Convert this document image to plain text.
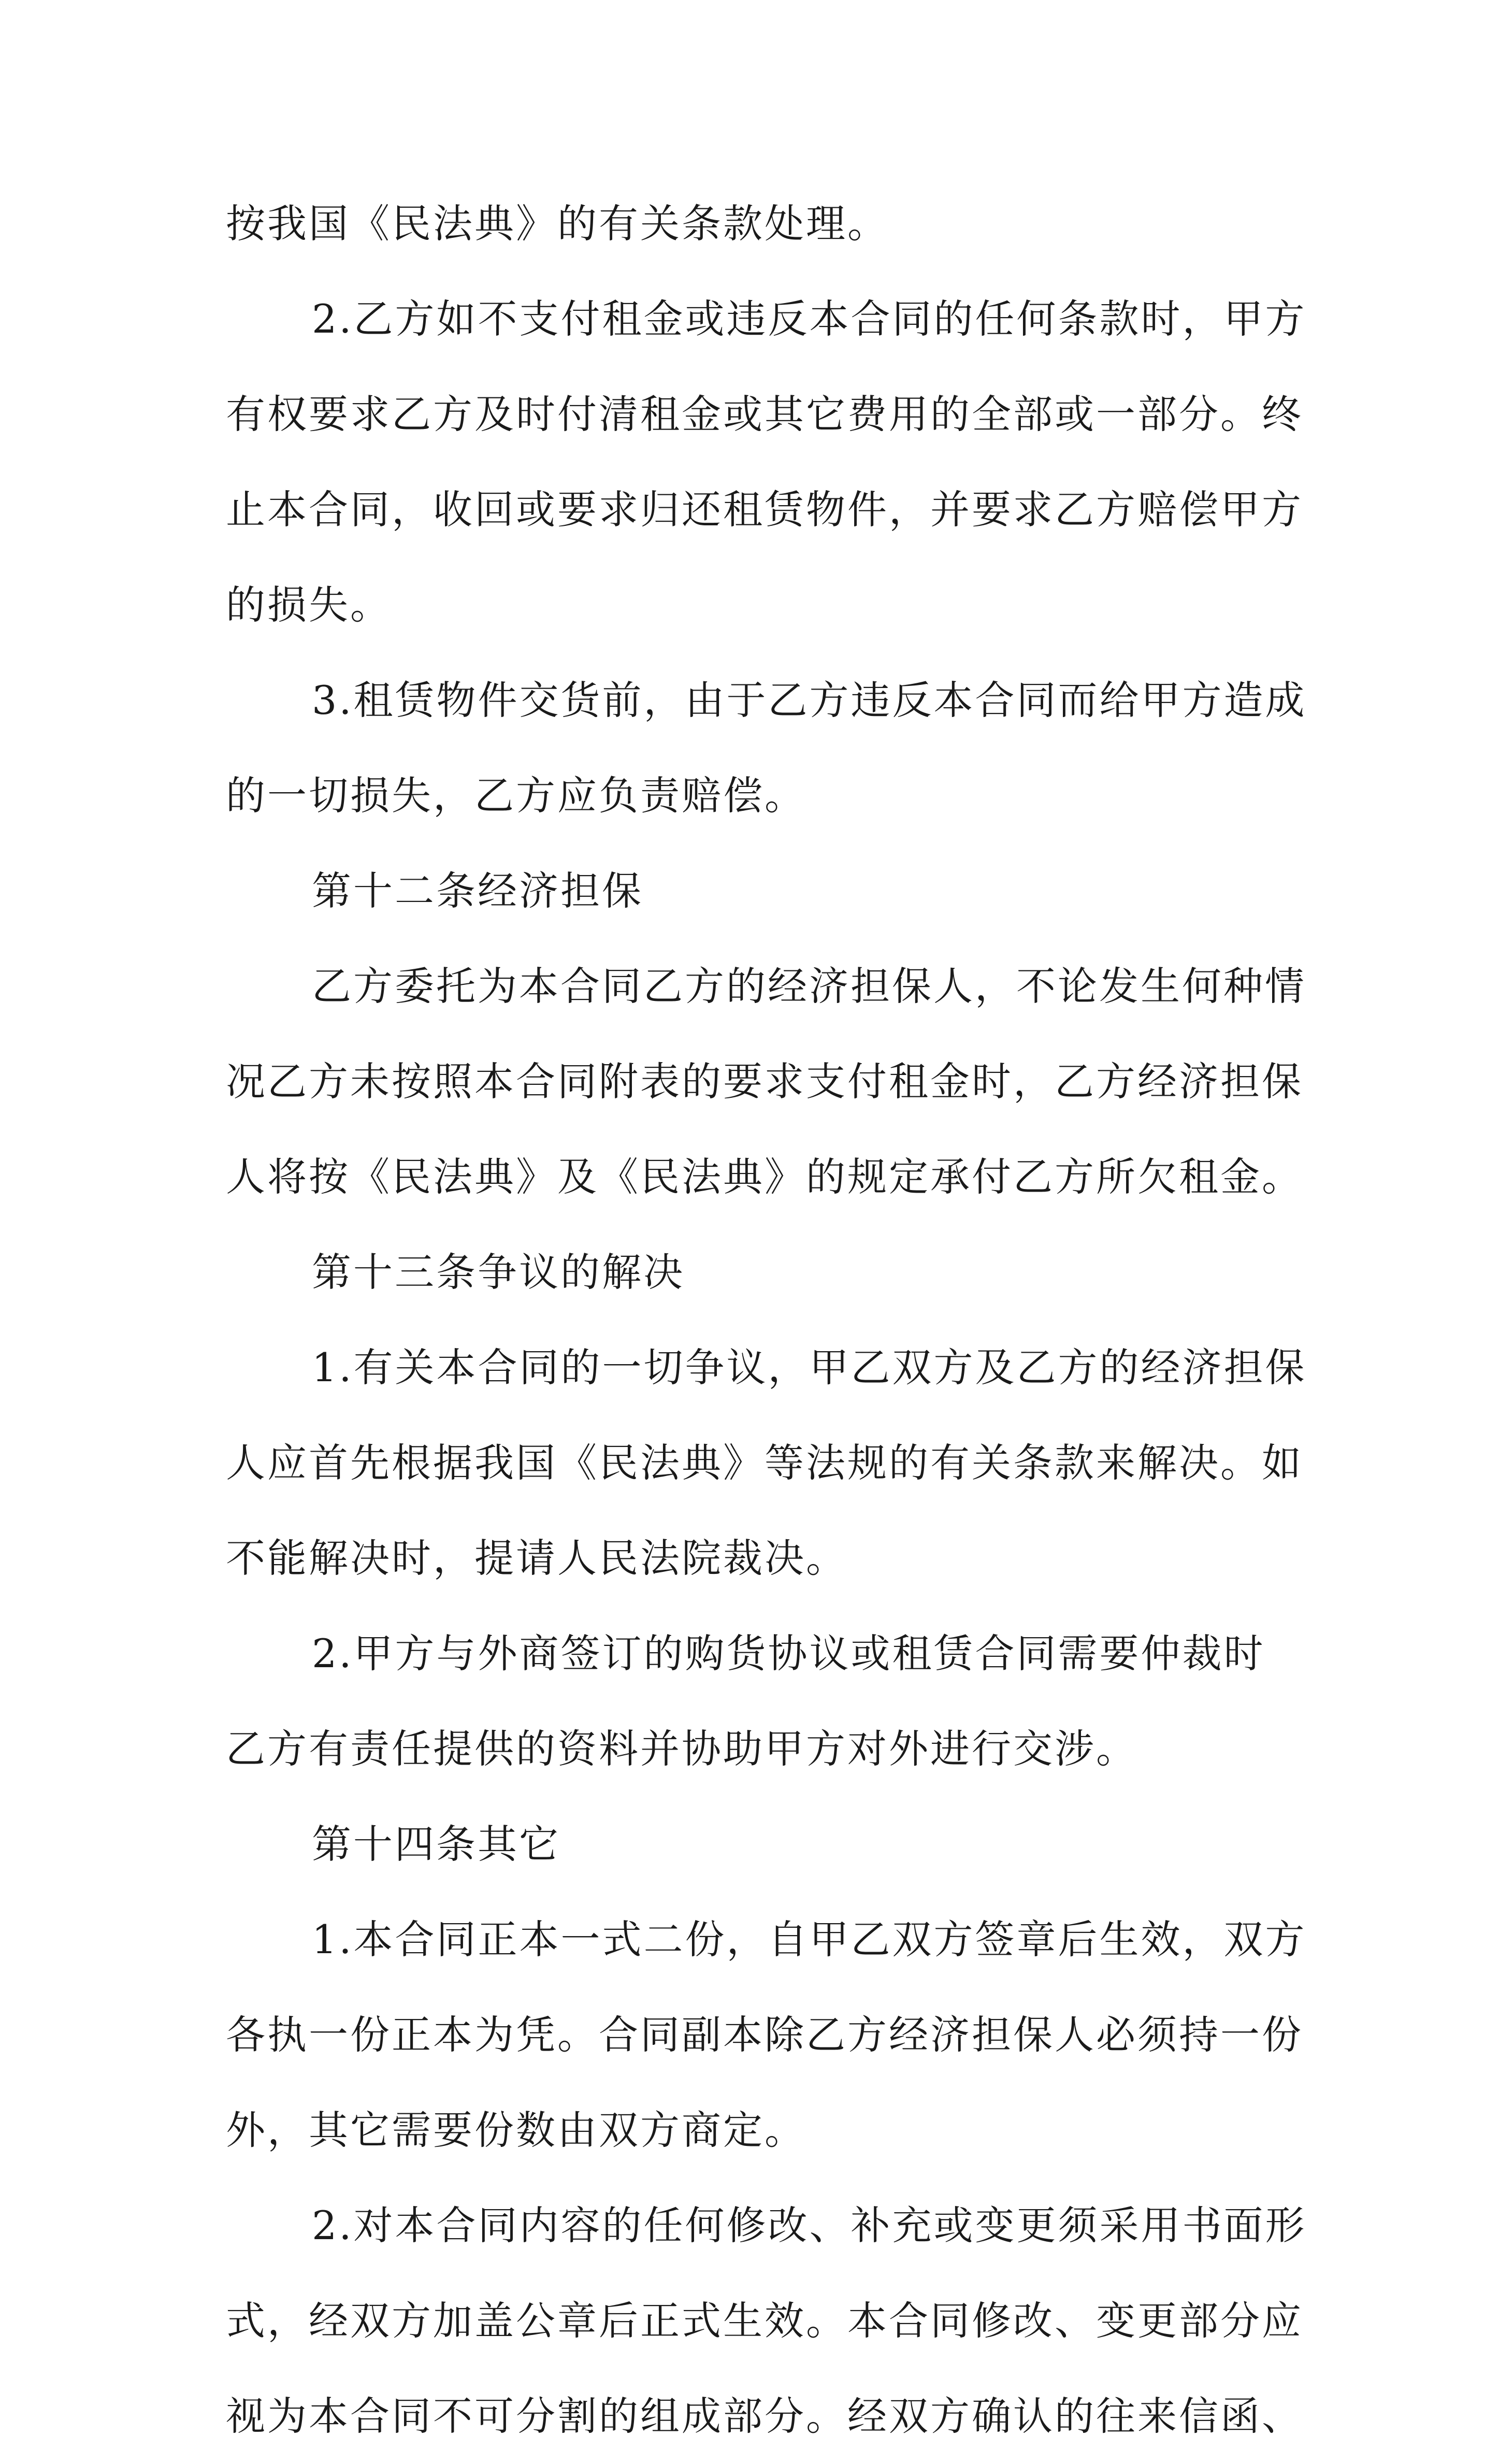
按我国《民法典》的有关条款处理。
2.乙方如不支付租金或违反本合同的任何条款时，甲方
有权要求乙方及时付清租金或其它费用的全部或一部分。终
止本合同，收回或要求归还租赁物件，并要求乙方赔偿甲方
的损失。
3.租赁物件交货前，由于乙方违反本合同而给甲方造成
的一切损失，乙方应负责赔偿。
第十二条经济担保
乙方委托为本合同乙方的经济担保人，不论发生何种情
况乙方未按照本合同附表的要求支付租金时，乙方经济担保
人将按《民法典》及《民法典》的规定承付乙方所欠租金。
第十三条争议的解决
1.有关本合同的一切争议，甲乙双方及乙方的经济担保
人应首先根据我国《民法典》等法规的有关条款来解决。如
不能解决时，提请人民法院裁决。
2.甲方与外商签订的购货协议或租赁合同需要仲裁时
乙方有责任提供的资料并协助甲方对外进行交涉。
第十四条其它
1.本合同正本一式二份，自甲乙双方签章后生效，双方
各执一份正本为凭。合同副本除乙方经济担保人必须持一份
外，其它需要份数由双方商定。
2.对本合同内容的任何修改、补充或变更须采用书面形
式，经双方加盖公章后正式生效。本合同修改、变更部分应
视为本合同不可分割的组成部分。经双方确认的往来信函、
